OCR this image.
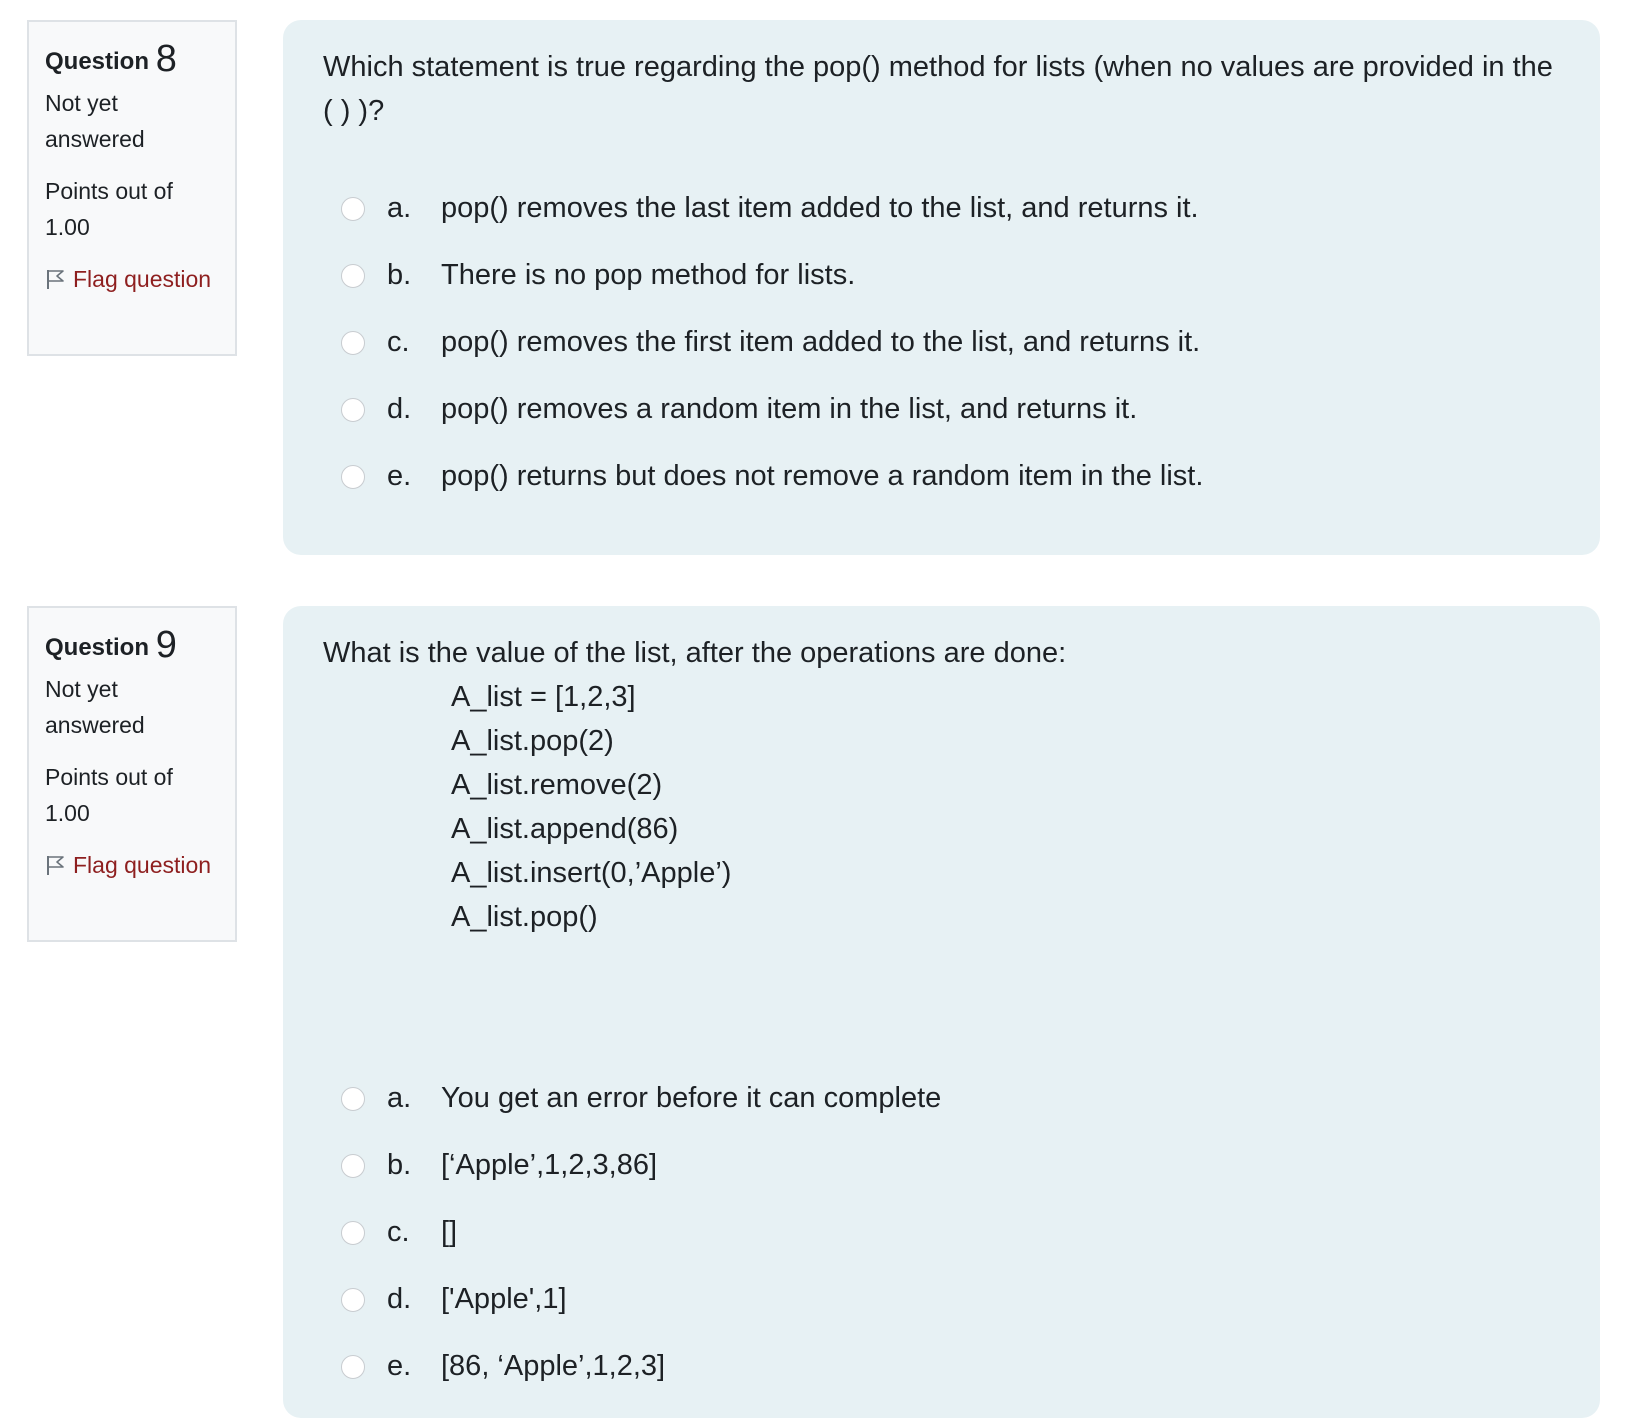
Question 8
Not yet answered
Points out of 1.00
Flag question

Which statement is true regarding the pop() method for lists (when no values are provided in the ( ) )?

a.	pop() removes the last item added to the list, and returns it.
b.	There is no pop method for lists.
c.	pop() removes the first item added to the list, and returns it.
d.	pop() removes a random item in the list, and returns it.
e.	pop() returns but does not remove a random item in the list.
Question 9
Not yet answered
Points out of 1.00
Flag question

What is the value of the list, after the operations are done:

A_list = [1,2,3]
A_list.pop(2)
A_list.remove(2)
A_list.append(86)
A_list.insert(0,’Apple’)
A_list.pop()
a.	You get an error before it can complete
b.	[‘Apple’,1,2,3,86]
c.	[]
d.	['Apple',1]
e.	[86, ‘Apple’,1,2,3]
